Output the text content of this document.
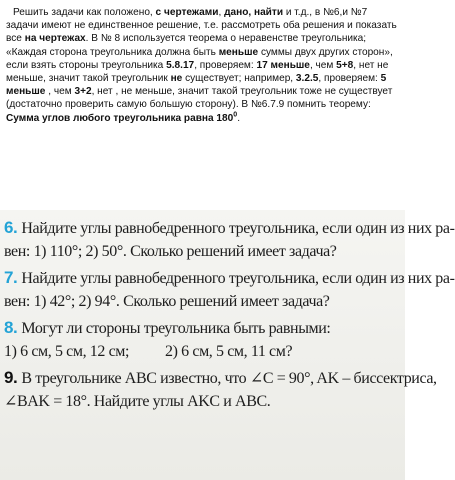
Решить задачи как положено, с чертежами, дано, найти и т.д., в №6,и №7 задачи имеют не единственное решение, т.е. рассмотреть оба решения и показать все на чертежах. В № 8 используется теорема о неравенстве треугольника; «Каждая сторона треугольника должна быть меньше суммы двух других сторон», если взять стороны треугольника 5.8.17, проверяем: 17 меньше, чем 5+8, нет не меньше, значит такой треугольник не существует; например, 3.2.5, проверяем: 5 меньше , чем 3+2, нет , не меньше, значит такой треугольник тоже не существует (достаточно проверить самую большую сторону). В №6.7.9 помнить теорему: Сумма углов любого треугольника равна $180^0$.
6. Найдите углы равнобедренного треугольника, если один из них ра-
вен: 1) 110°; 2) 50°. Сколько решений имеет задача?
7. Найдите углы равнобедренного треугольника, если один из них ра-
вен: 1) 42°; 2) 94°. Сколько решений имеет задача?
8. Могут ли стороны треугольника быть равными:
1) 6 см, 5 см, 12 см;          2) 6 см, 5 см, 11 см?
9. В треугольнике ABC известно, что ∠C = 90°, AK – биссектриса,
∠BAK = 18°. Найдите углы AKC и ABC.
